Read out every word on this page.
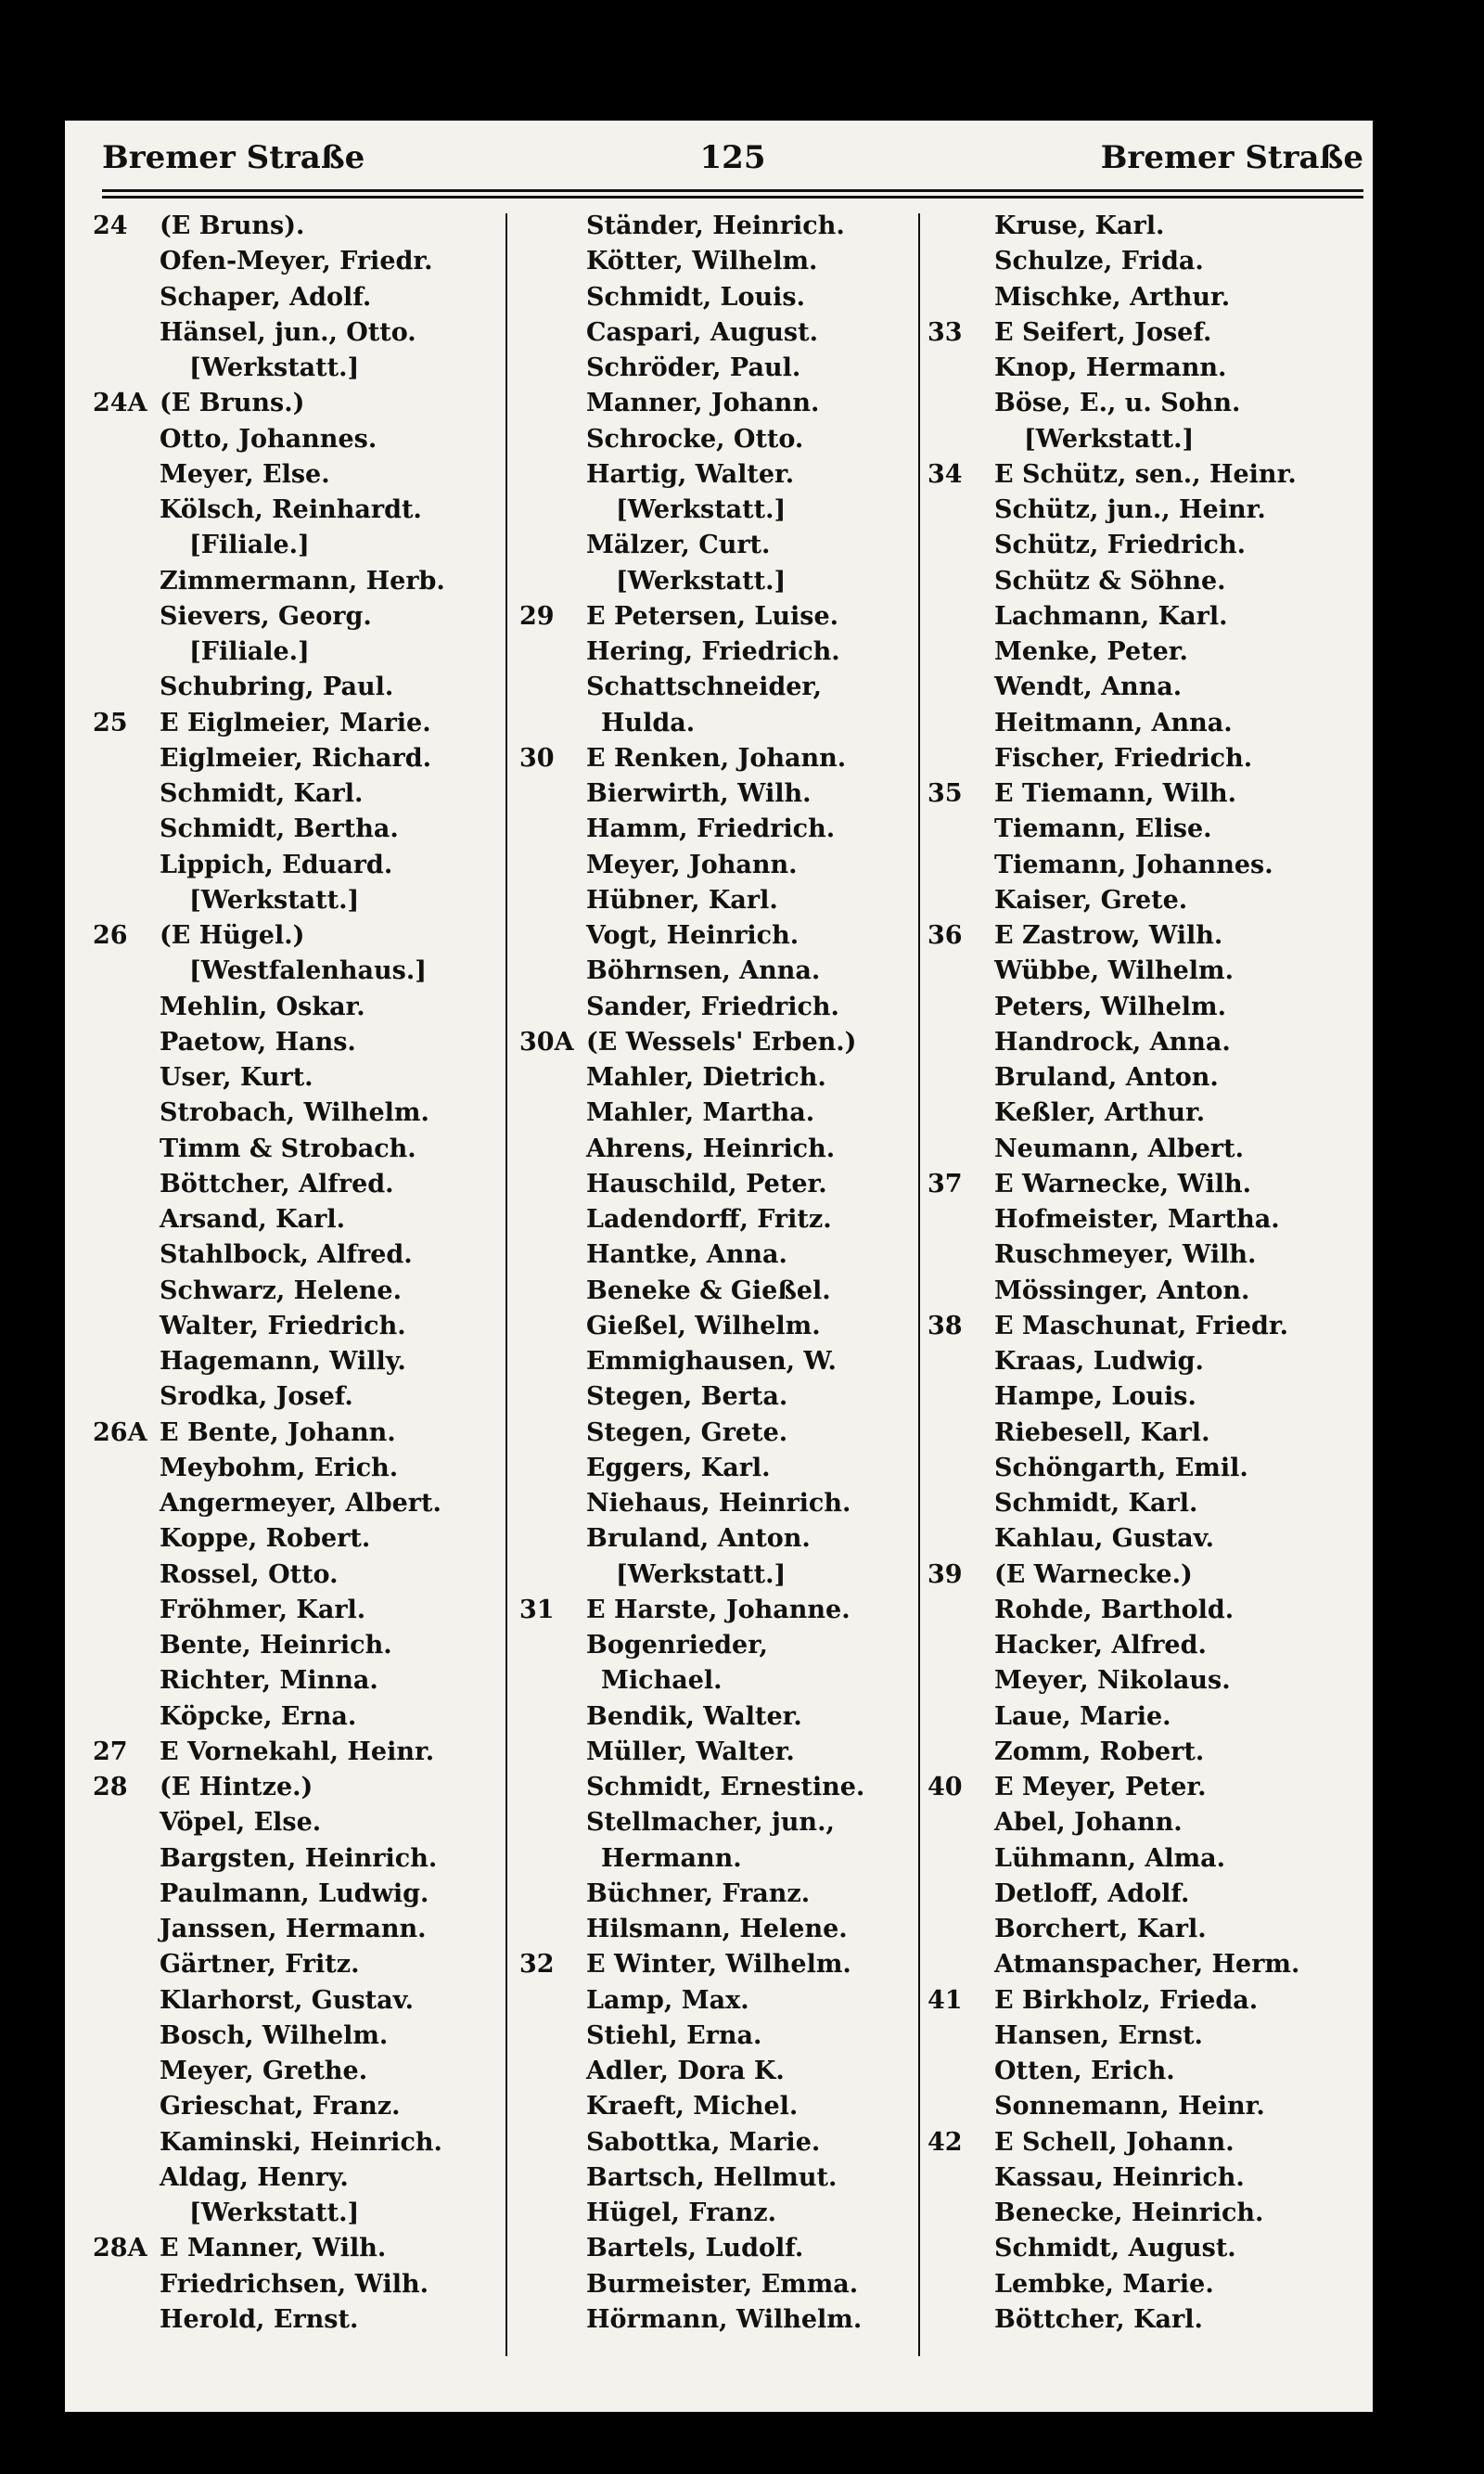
Bremer Straße	125	Bremer Straße
24	(E Bruns).
Ofen-Meyer, Friedr.
Schaper, Adolf.
Hänsel, jun., Otto.
[Werkstatt.]
24A (E Bruns.)
Otto, Johannes.
Meyer, Else.
Kölsch, Reinhardt.
[Filiale.]
Zimmermann, Herb.
Sievers, Georg.
[Filiale.]
Schubring, Paul.
25	E Eiglmeier, Marie.
Eiglmeier, Richard.
Schmidt, Karl.
Schmidt, Bertha.
Lippich, Eduard.
[Werkstatt.]
26	(E Hügel.)
[Westfalenhaus.]
Mehlin, Oskar.
Paetow, Hans.
User, Kurt.
Strobach, Wilhelm.
Timm & Strobach.
Böttcher, Alfred.
Arsand, Karl.
Stahlbock, Alfred.
Schwarz, Helene.
Walter, Friedrich.
Hagemann, Willy.
Srodka, Josef.
26A E Bente, Johann.
Meybohm, Erich.
Angermeyer, Albert.
Koppe, Robert.
Rossel, Otto.
Fröhmer, Karl.
Bente, Heinrich.
Richter, Minna.
Köpcke, Erna.
27	E Vornekahl, Heinr.
28	(E Hintze.)
Vöpel, Else.
Bargsten, Heinrich.
Paulmann, Ludwig.
Janssen, Hermann.
Gärtner, Fritz.
Klarhorst, Gustav.
Bosch, Wilhelm.
Meyer, Grethe.
Grieschat, Franz.
Kaminski, Heinrich.
Aldag, Henry.
[Werkstatt.]
28A E Manner, Wilh.
Friedrichsen, Wilh.
Herold, Ernst.
Ständer, Heinrich.
Kötter, Wilhelm.
Schmidt, Louis.
Caspari, August.
Schröder, Paul.
Manner, Johann.
Schrocke, Otto.
Hartig, Walter.
[Werkstatt.]
Mälzer, Curt.
[Werkstatt.]
29	E Petersen, Luise.
Hering, Friedrich.
Schattschneider,
Hulda.
30	E Renken, Johann.
Bierwirth, Wilh.
Hamm, Friedrich.
Meyer, Johann.
Hübner, Karl.
Vogt, Heinrich.
Böhrnsen, Anna.
Sander, Friedrich.
30A (E Wessels' Erben.)
Mahler, Dietrich.
Mahler, Martha.
Ahrens, Heinrich.
Hauschild, Peter.
Ladendorff, Fritz.
Hantke, Anna.
Beneke & Gießel.
Gießel, Wilhelm.
Emmighausen, W.
Stegen, Berta.
Stegen, Grete.
Eggers, Karl.
Niehaus, Heinrich.
Bruland, Anton.
[Werkstatt.]
31	E Harste, Johanne.
Bogenrieder,
Michael.
Bendik, Walter.
Müller, Walter.
Schmidt, Ernestine.
Stellmacher, jun.,
Hermann.
Büchner, Franz.
Hilsmann, Helene.
32	E Winter, Wilhelm.
Lamp, Max.
Stiehl, Erna.
Adler, Dora K.
Kraeft, Michel.
Sabottka, Marie.
Bartsch, Hellmut.
Hügel, Franz.
Bartels, Ludolf.
Burmeister, Emma.
Hörmann, Wilhelm.
Kruse, Karl.
Schulze, Frida.
Mischke, Arthur.
33	E Seifert, Josef.
Knop, Hermann.
Böse, E., u. Sohn.
[Werkstatt.]
34	E Schütz, sen., Heinr.
Schütz, jun., Heinr.
Schütz, Friedrich.
Schütz & Söhne.
Lachmann, Karl.
Menke, Peter.
Wendt, Anna.
Heitmann, Anna.
Fischer, Friedrich.
35	E Tiemann, Wilh.
Tiemann, Elise.
Tiemann, Johannes.
Kaiser, Grete.
36	E Zastrow, Wilh.
Wübbe, Wilhelm.
Peters, Wilhelm.
Handrock, Anna.
Bruland, Anton.
Keßler, Arthur.
Neumann, Albert.
37	E Warnecke, Wilh.
Hofmeister, Martha.
Ruschmeyer, Wilh.
Mössinger, Anton.
38	E Maschunat, Friedr.
Kraas, Ludwig.
Hampe, Louis.
Riebesell, Karl.
Schöngarth, Emil.
Schmidt, Karl.
Kahlau, Gustav.
39	(E Warnecke.)
Rohde, Barthold.
Hacker, Alfred.
Meyer, Nikolaus.
Laue, Marie.
Zomm, Robert.
40	E Meyer, Peter.
Abel, Johann.
Lühmann, Alma.
Detloff, Adolf.
Borchert, Karl.
Atmanspacher, Herm.
41	E Birkholz, Frieda.
Hansen, Ernst.
Otten, Erich.
Sonnemann, Heinr.
42	E Schell, Johann.
Kassau, Heinrich.
Benecke, Heinrich.
Schmidt, August.
Lembke, Marie.
Böttcher, Karl.
